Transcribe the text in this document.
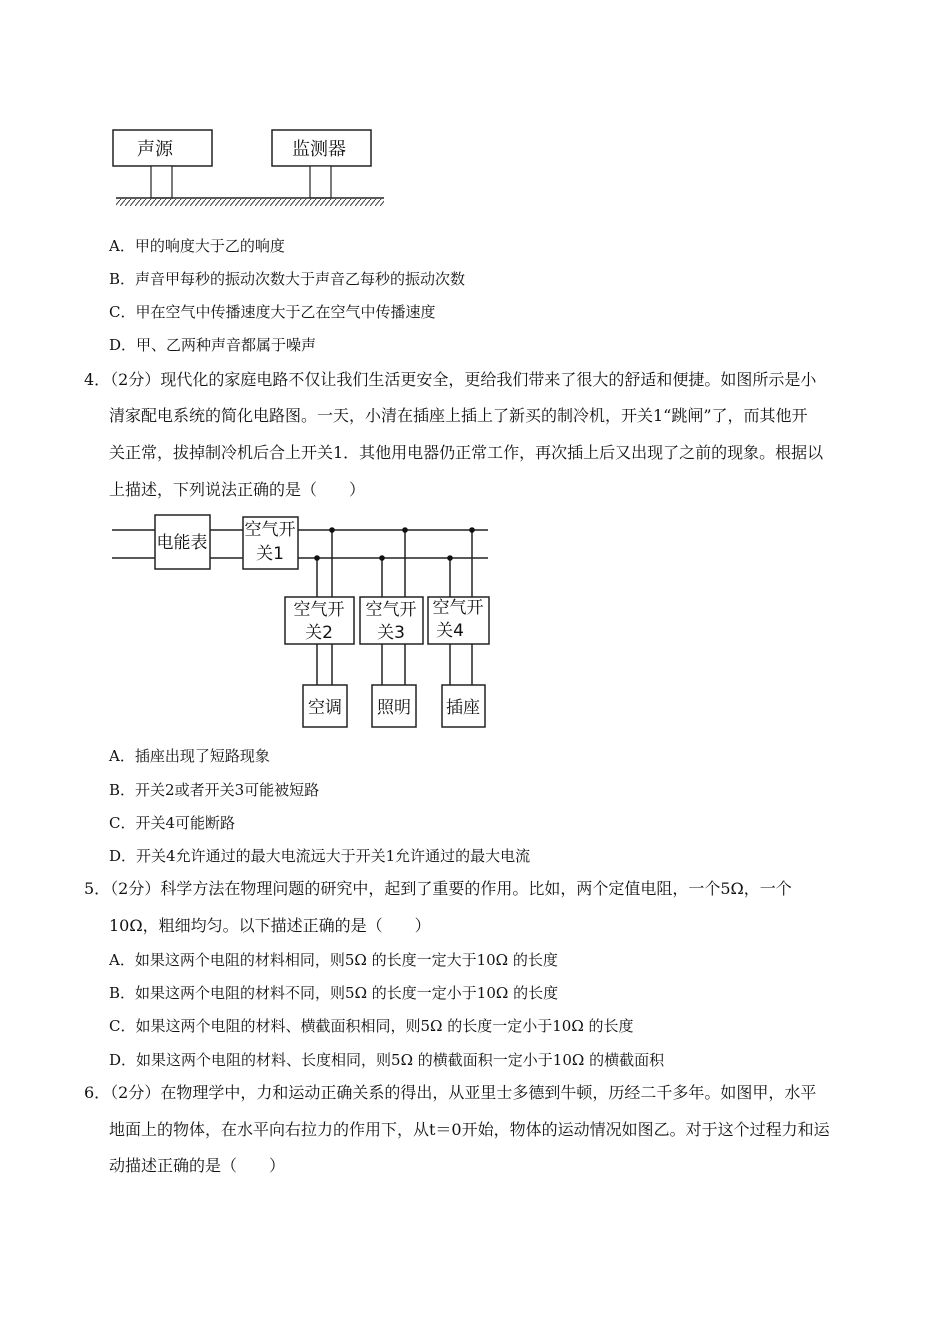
声源	监测器
A．甲的响度大于乙的响度
B．声音甲每秒的振动次数大于声音乙每秒的振动次数
C．甲在空气中传播速度大于乙在空气中传播速度
D．甲、乙两种声音都属于噪声
4．（2分）现代化的家庭电路不仅让我们生活更安全，更给我们带来了很大的舒适和便捷。如图所示是小
清家配电系统的简化电路图。一天，小清在插座上插上了新买的制冷机，开关1“跳闸”了，而其他开
关正常，拔掉制冷机后合上开关1．其他用电器仍正常工作，再次插上后又出现了之前的现象。根据以
上描述，下列说法正确的是（　　）
电能表
空气开
关1
空气开
关2
空气开
关3
空气开
关4
空调 照明 插座
A．插座出现了短路现象
B．开关2或者开关3可能被短路
C．开关4可能断路
D．开关4允许通过的最大电流远大于开关1允许通过的最大电流
5．（2分）科学方法在物理问题的研究中，起到了重要的作用。比如，两个定值电阻，一个5Ω，一个
10Ω，粗细均匀。以下描述正确的是（　　）
A．如果这两个电阻的材料相同，则5Ω 的长度一定大于10Ω 的长度
B．如果这两个电阻的材料不同，则5Ω 的长度一定小于10Ω 的长度
C．如果这两个电阻的材料、横截面积相同，则5Ω 的长度一定小于10Ω 的长度
D．如果这两个电阻的材料、长度相同，则5Ω 的横截面积一定小于10Ω 的横截面积
6．（2分）在物理学中，力和运动正确关系的得出，从亚里士多德到牛顿，历经二千多年。如图甲，水平
地面上的物体，在水平向右拉力的作用下，从t＝0开始，物体的运动情况如图乙。对于这个过程力和运
动描述正确的是（　　）
